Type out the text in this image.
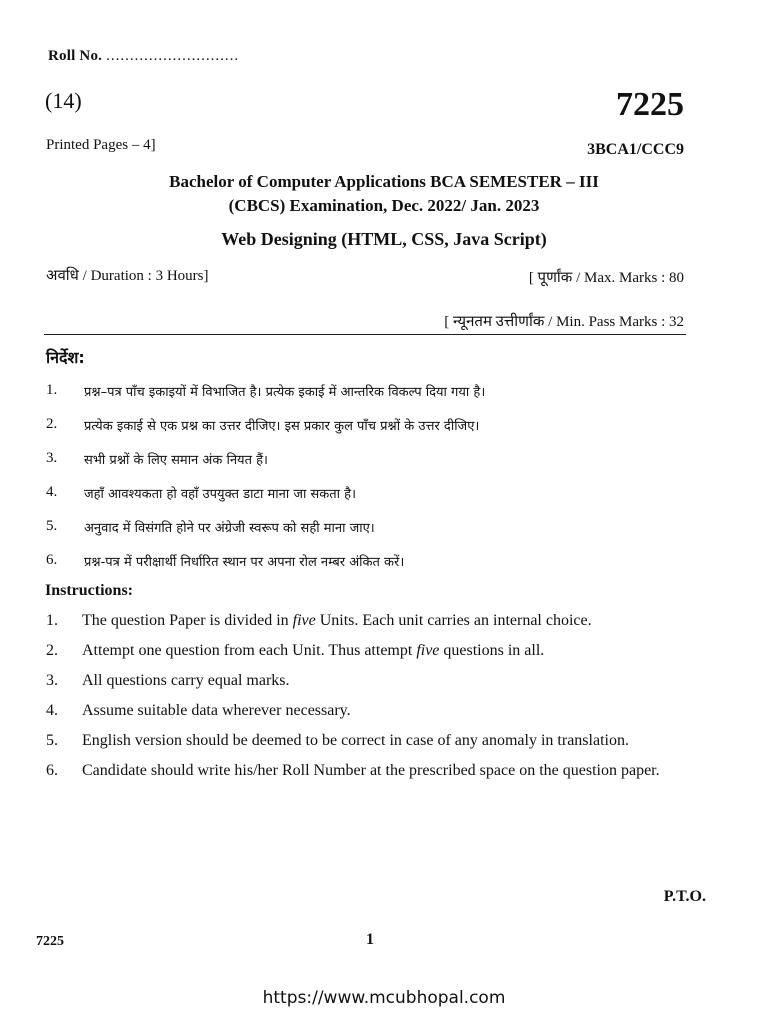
Roll No. ............................
(14)	7225
Printed Pages – 4]	3BCA1/CCC9
Bachelor of Computer Applications BCA SEMESTER – III
(CBCS) Examination, Dec. 2022/ Jan. 2023
Web Designing (HTML, CSS, Java Script)
अवधि / Duration : 3 Hours]	[ पूर्णांक / Max. Marks : 80
[ न्यूनतम उत्तीर्णांक / Min. Pass Marks : 32
निर्देश:
1.	प्रश्न–पत्र पाँच इकाइयों में विभाजित है। प्रत्येक इकाई में आन्तरिक विकल्प दिया गया है।
2.	प्रत्येक इकाई से एक प्रश्न का उत्तर दीजिए। इस प्रकार कुल पाँच प्रश्नों के उत्तर दीजिए।
3.	सभी प्रश्नों के लिए समान अंक नियत हैं।
4.	जहाँ आवश्यकता हो वहाँ उपयुक्त डाटा माना जा सकता है।
5.	अनुवाद में विसंगति होने पर अंग्रेजी स्वरूप को सही माना जाए।
6.	प्रश्न-पत्र में परीक्षार्थी निर्धारित स्थान पर अपना रोल नम्बर अंकित करें।
Instructions:
1.	The question Paper is divided in five Units. Each unit carries an internal choice.
2.	Attempt one question from each Unit. Thus attempt five questions in all.
3.	All questions carry equal marks.
4.	Assume suitable data wherever necessary.
5.	English version should be deemed to be correct in case of any anomaly in translation.
6.	Candidate should write his/her Roll Number at the prescribed space on the question paper.
P.T.O.
7225	1
https://www.mcubhopal.com
